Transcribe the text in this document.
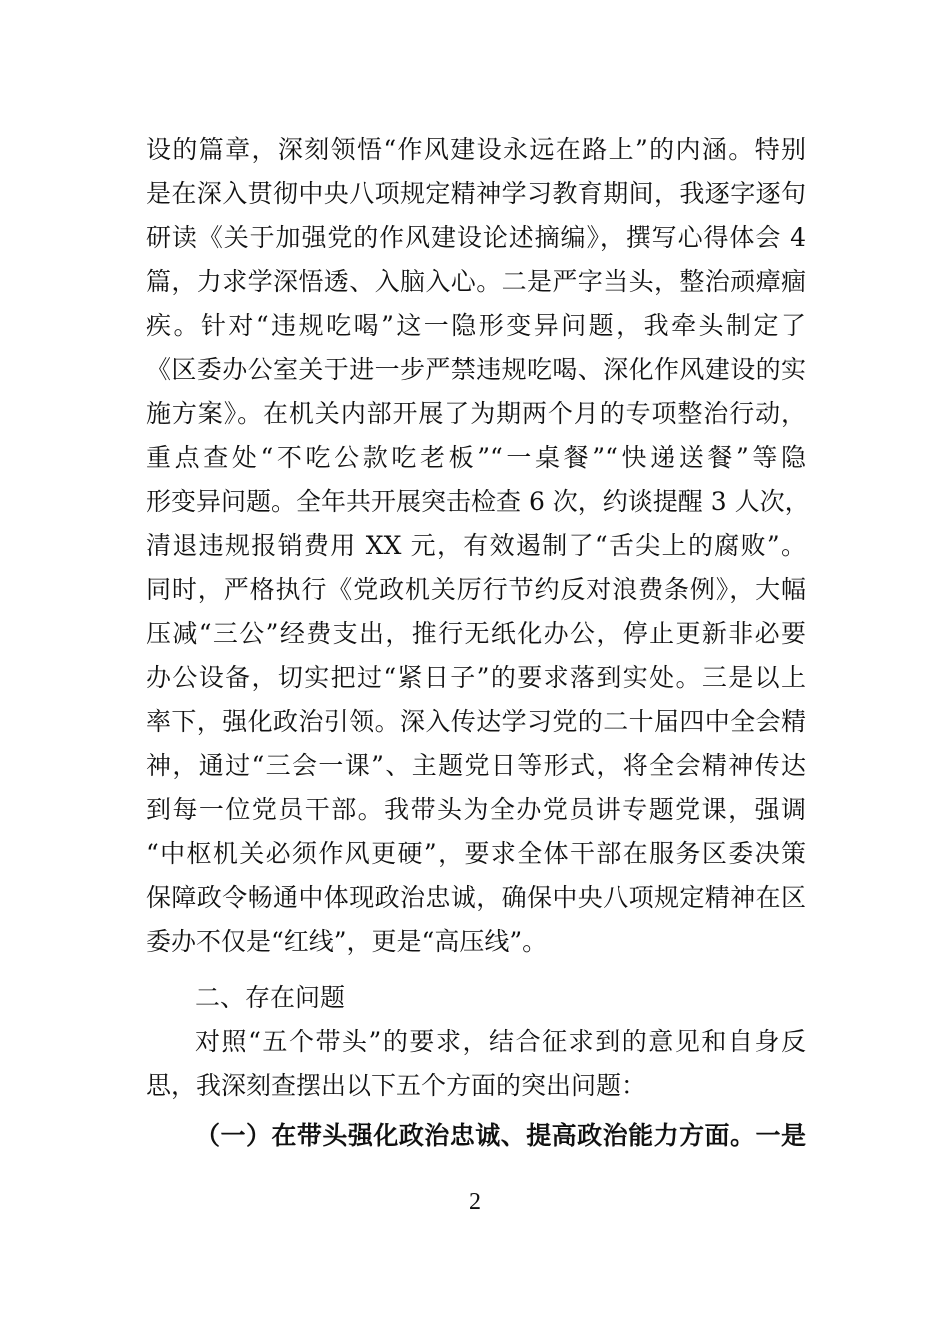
设的篇章，深刻领悟“作风建设永远在路上”的内涵。特别
是在深入贯彻中央八项规定精神学习教育期间，我逐字逐句
研读《关于加强党的作风建设论述摘编》，撰写心得体会 4
篇，力求学深悟透、入脑入心。二是严字当头，整治顽瘴痼
疾。针对“违规吃喝”这一隐形变异问题，我牵头制定了
《区委办公室关于进一步严禁违规吃喝、深化作风建设的实
施方案》。在机关内部开展了为期两个月的专项整治行动，
重点查处“不吃公款吃老板”“一桌餐”“快递送餐”等隐
形变异问题。全年共开展突击检查 6 次，约谈提醒 3 人次，
清退违规报销费用 XX 元，有效遏制了“舌尖上的腐败”。
同时，严格执行《党政机关厉行节约反对浪费条例》，大幅
压减“三公”经费支出，推行无纸化办公，停止更新非必要
办公设备，切实把过“紧日子”的要求落到实处。三是以上
率下，强化政治引领。深入传达学习党的二十届四中全会精
神，通过“三会一课”、主题党日等形式，将全会精神传达
到每一位党员干部。我带头为全办党员讲专题党课，强调
“中枢机关必须作风更硬”，要求全体干部在服务区委决策
保障政令畅通中体现政治忠诚，确保中央八项规定精神在区
委办不仅是“红线”，更是“高压线”。
二、存在问题
对照“五个带头”的要求，结合征求到的意见和自身反
思，我深刻查摆出以下五个方面的突出问题：
（一）在带头强化政治忠诚、提高政治能力方面。一是
2
